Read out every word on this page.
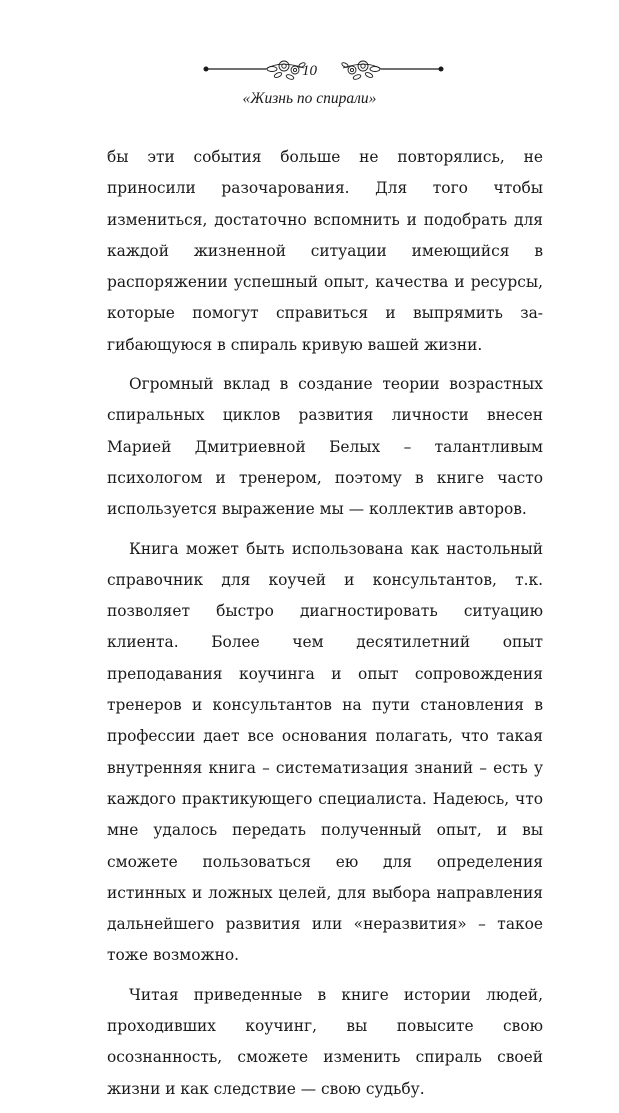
10
«Жизнь по спирали»

бы эти события больше не повторялись, не приносили разочарования. Для того чтобы измениться, достаточно вспомнить и подобрать для каждой жизненной ситуации имеющийся в распоряжении успешный опыт, качества и ресурсы, которые помогут справиться и выпрямить загибающуюся в спираль кривую вашей жизни.

Огромный вклад в создание теории возрастных спиральных циклов развития личности внесен Марией Дмитриевной Белых – талантливым психологом и тренером, поэтому в книге часто используется выражение мы — коллектив авторов.

Книга может быть использована как настольный справочник для коучей и консультантов, т.к. позволяет быстро диагностировать ситуацию клиента. Более чем десятилетний опыт преподавания коучинга и опыт сопровождения тренеров и консультантов на пути становления в профессии дает все основания полагать, что такая внутренняя книга – систематизация знаний – есть у каждого практикующего специалиста. Надеюсь, что мне удалось передать полученный опыт, и вы сможете пользоваться ею для определения истинных и ложных целей, для выбора направления дальнейшего развития или «неразвития» – такое тоже возможно.

Читая приведенные в книге истории людей, проходивших коучинг, вы повысите свою осознанность, сможете изменить спираль своей жизни и как следствие — свою судьбу.
